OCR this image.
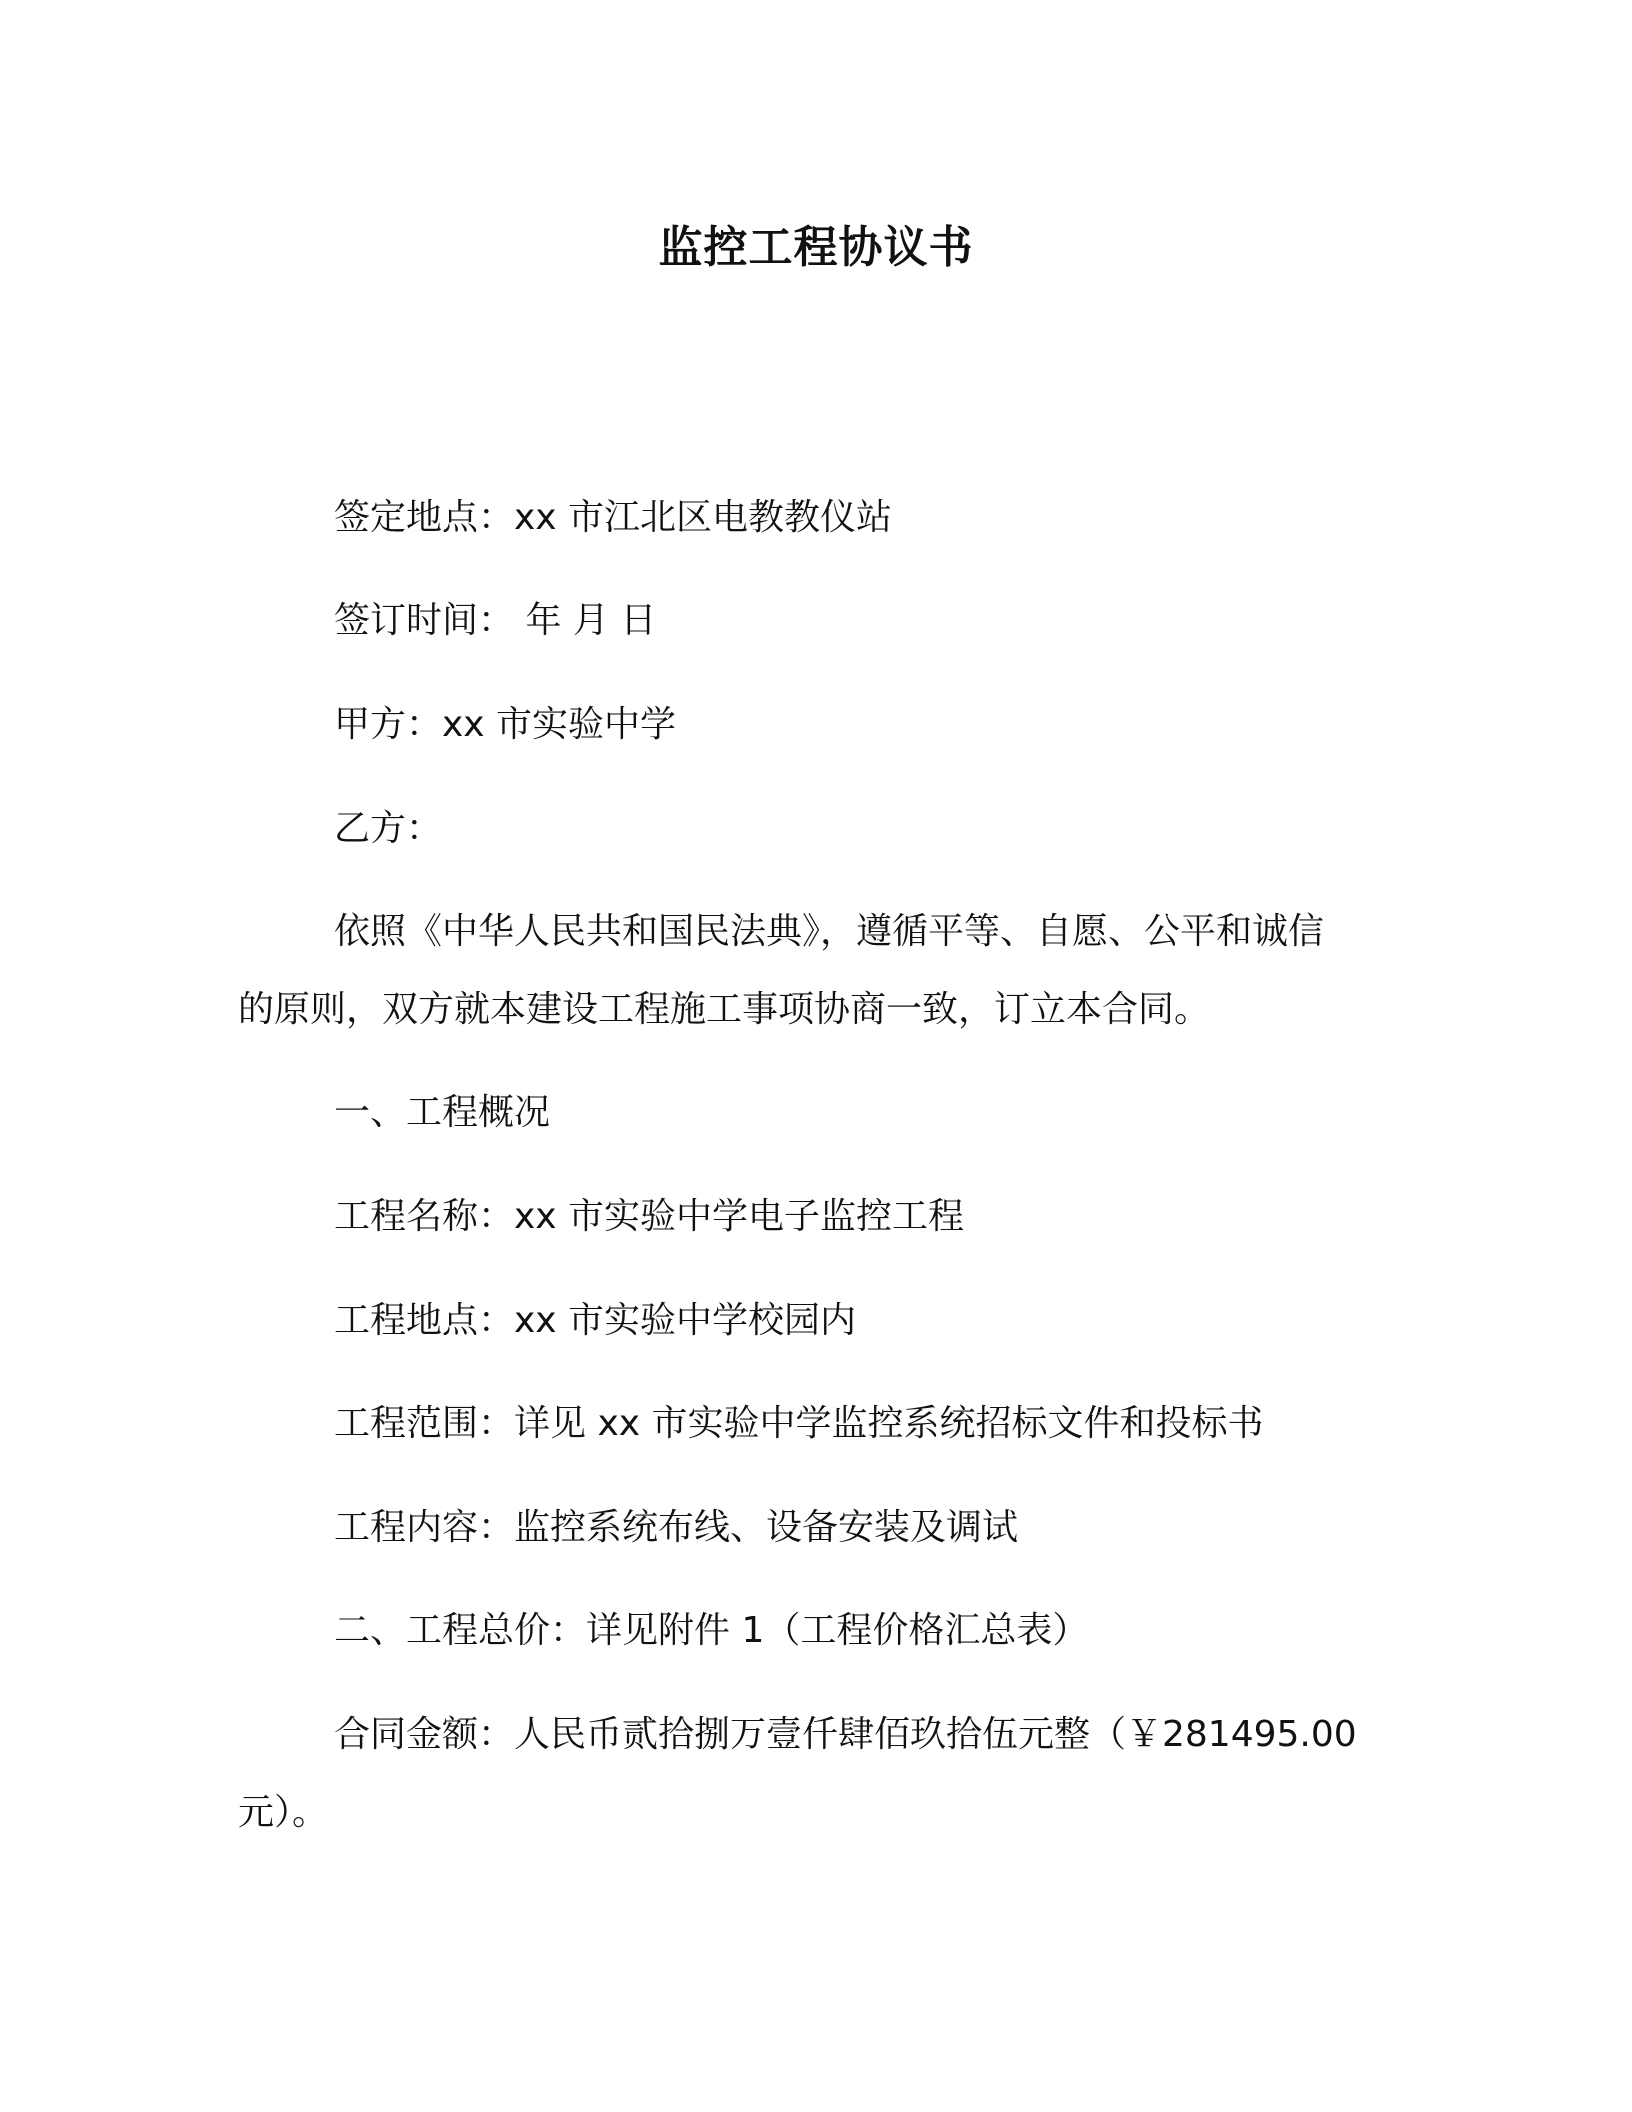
监控工程协议书
签定地点：xx 市江北区电教教仪站
签订时间： 年 月 日
甲方：xx 市实验中学
乙方：
依照《中华人民共和国民法典》，遵循平等、自愿、公平和诚信
的原则，双方就本建设工程施工事项协商一致，订立本合同。
一、工程概况
工程名称：xx 市实验中学电子监控工程
工程地点：xx 市实验中学校园内
工程范围：详见 xx 市实验中学监控系统招标文件和投标书
工程内容：监控系统布线、设备安装及调试
二、工程总价：详见附件 1（工程价格汇总表）
合同金额：人民币贰拾捌万壹仟肆佰玖拾伍元整（￥281495.00
元）。
